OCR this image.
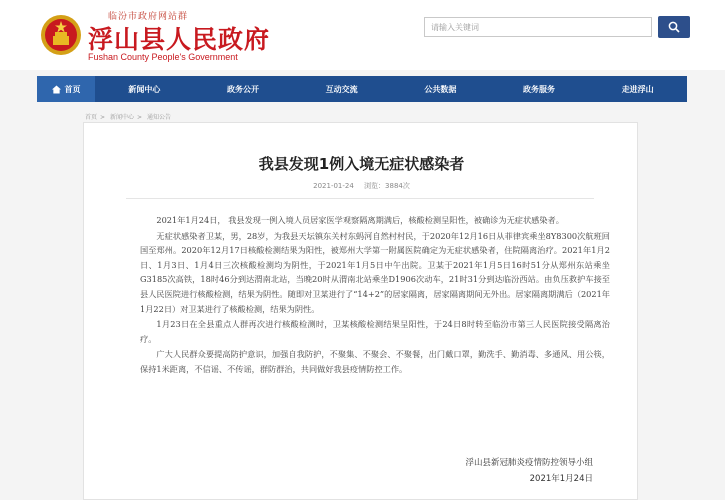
临汾市政府网站群
浮山县人民政府
Fushan County People's Government
请输入关键词
首页	新闻中心	政务公开	互动交流	公共数据	政务服务	走进浮山
首页 > 新闻中心 > 通知公告
我县发现1例入境无症状感染者
2021-01-24 浏览：3884次

2021年1月24日， 我县发现一例入境人员居家医学观察隔离期满后，核酸检测呈阳性，被确诊为无症状感染者。

无症状感染者卫某，男，28岁，为我县天坛镇东关村东蚂河自然村村民，于2020年12月16日从菲律宾乘坐8Y8300次航班回国至郑州。2020年12月17日核酸检测结果为阳性，被郑州大学第一附属医院确定为无症状感染者，住院隔离治疗。2021年1月2日、1月3日、1月4日三次核酸检测均为阴性，于2021年1月5日中午出院。卫某于2021年1月5日16时51分从郑州东站乘坐G3185次高铁，18时46分到达渭南北站，当晚20时从渭南北站乘坐D1906次动车，21时31分到达临汾西站。由负压救护车接至县人民医院进行核酸检测，结果为阴性。随即对卫某进行了“14+2”的居家隔离，居家隔离期间无外出。居家隔离期满后（2021年1月22日）对卫某进行了核酸检测，结果为阴性。

1月23日在全县重点人群再次进行核酸检测时，卫某核酸检测结果呈阳性，于24日8时转至临汾市第三人民医院接受隔离治疗。

广大人民群众要提高防护意识，加强自我防护，不聚集、不聚会、不聚餐，出门戴口罩，勤洗手、勤消毒、多通风、用公筷，保持1米距离，不信谣、不传谣，群防群治，共同做好我县疫情防控工作。

浮山县新冠肺炎疫情防控领导小组
2021年1月24日
